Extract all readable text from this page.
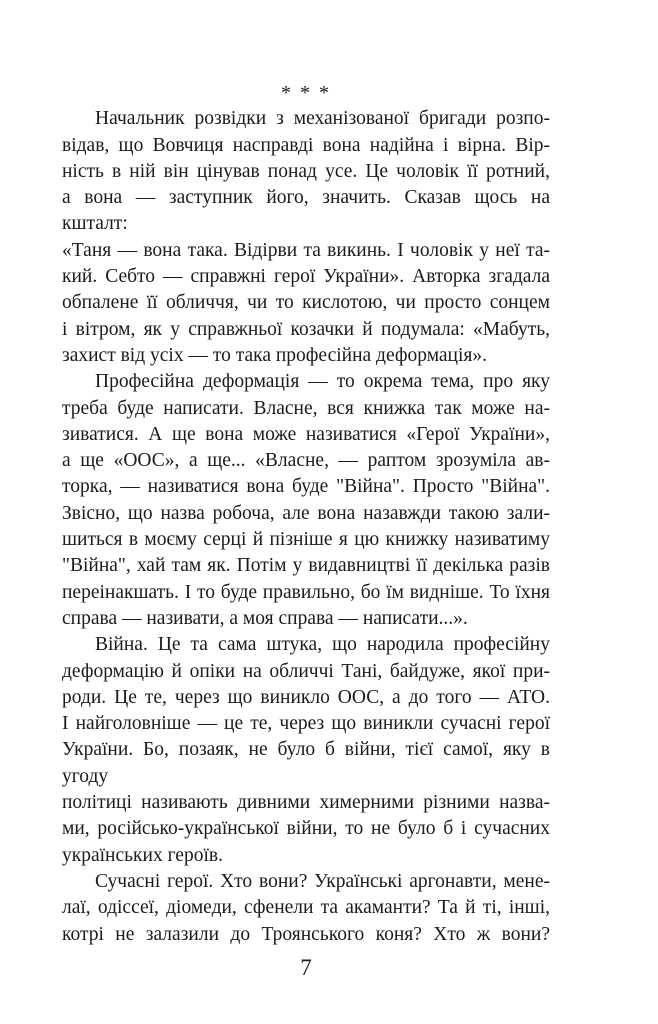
* * *
Начальник розвідки з механізованої бригади розпо-
відав, що Вовчиця насправді вона надійна і вірна. Вір-
ність в ній він цінував понад усе. Це чоловік її ротний,
а вона — заступник його, значить. Сказав щось на кшталт:
«Таня — вона така. Відірви та викинь. І чоловік у неї та-
кий. Себто — справжні герої України». Авторка згадала
обпалене її обличчя, чи то кислотою, чи просто сонцем
і вітром, як у справжньої козачки й подумала: «Мабуть,
захист від усіх — то така професійна деформація».
Професійна деформація — то окрема тема, про яку
треба буде написати. Власне, вся книжка так може на-
зиватися. А ще вона може називатися «Герої України»,
а ще «ООС», а ще... «Власне, — раптом зрозуміла ав-
торка, — називатися вона буде "Війна". Просто "Війна".
Звісно, що назва робоча, але вона назавжди такою зали-
шиться в моєму серці й пізніше я цю книжку називатиму
"Війна", хай там як. Потім у видавництві її декілька разів
переінакшать. І то буде правильно, бо їм видніше. То їхня
справа — називати, а моя справа — написати...».
Війна. Це та сама штука, що народила професійну
деформацію й опіки на обличчі Тані, байдуже, якої при-
роди. Це те, через що виникло ООС, а до того — АТО.
І найголовніше — це те, через що виникли сучасні герої
України. Бо, позаяк, не було б війни, тієї самої, яку в угоду
політиці називають дивними химерними різними назва-
ми, російсько-української війни, то не було б і сучасних
українських героїв.
Сучасні герої. Хто вони? Українські аргонавти, мене-
лаї, одіссеї, діомеди, сфенели та акаманти? Та й ті, інші,
котрі не залазили до Троянського коня? Хто ж вони?
7
